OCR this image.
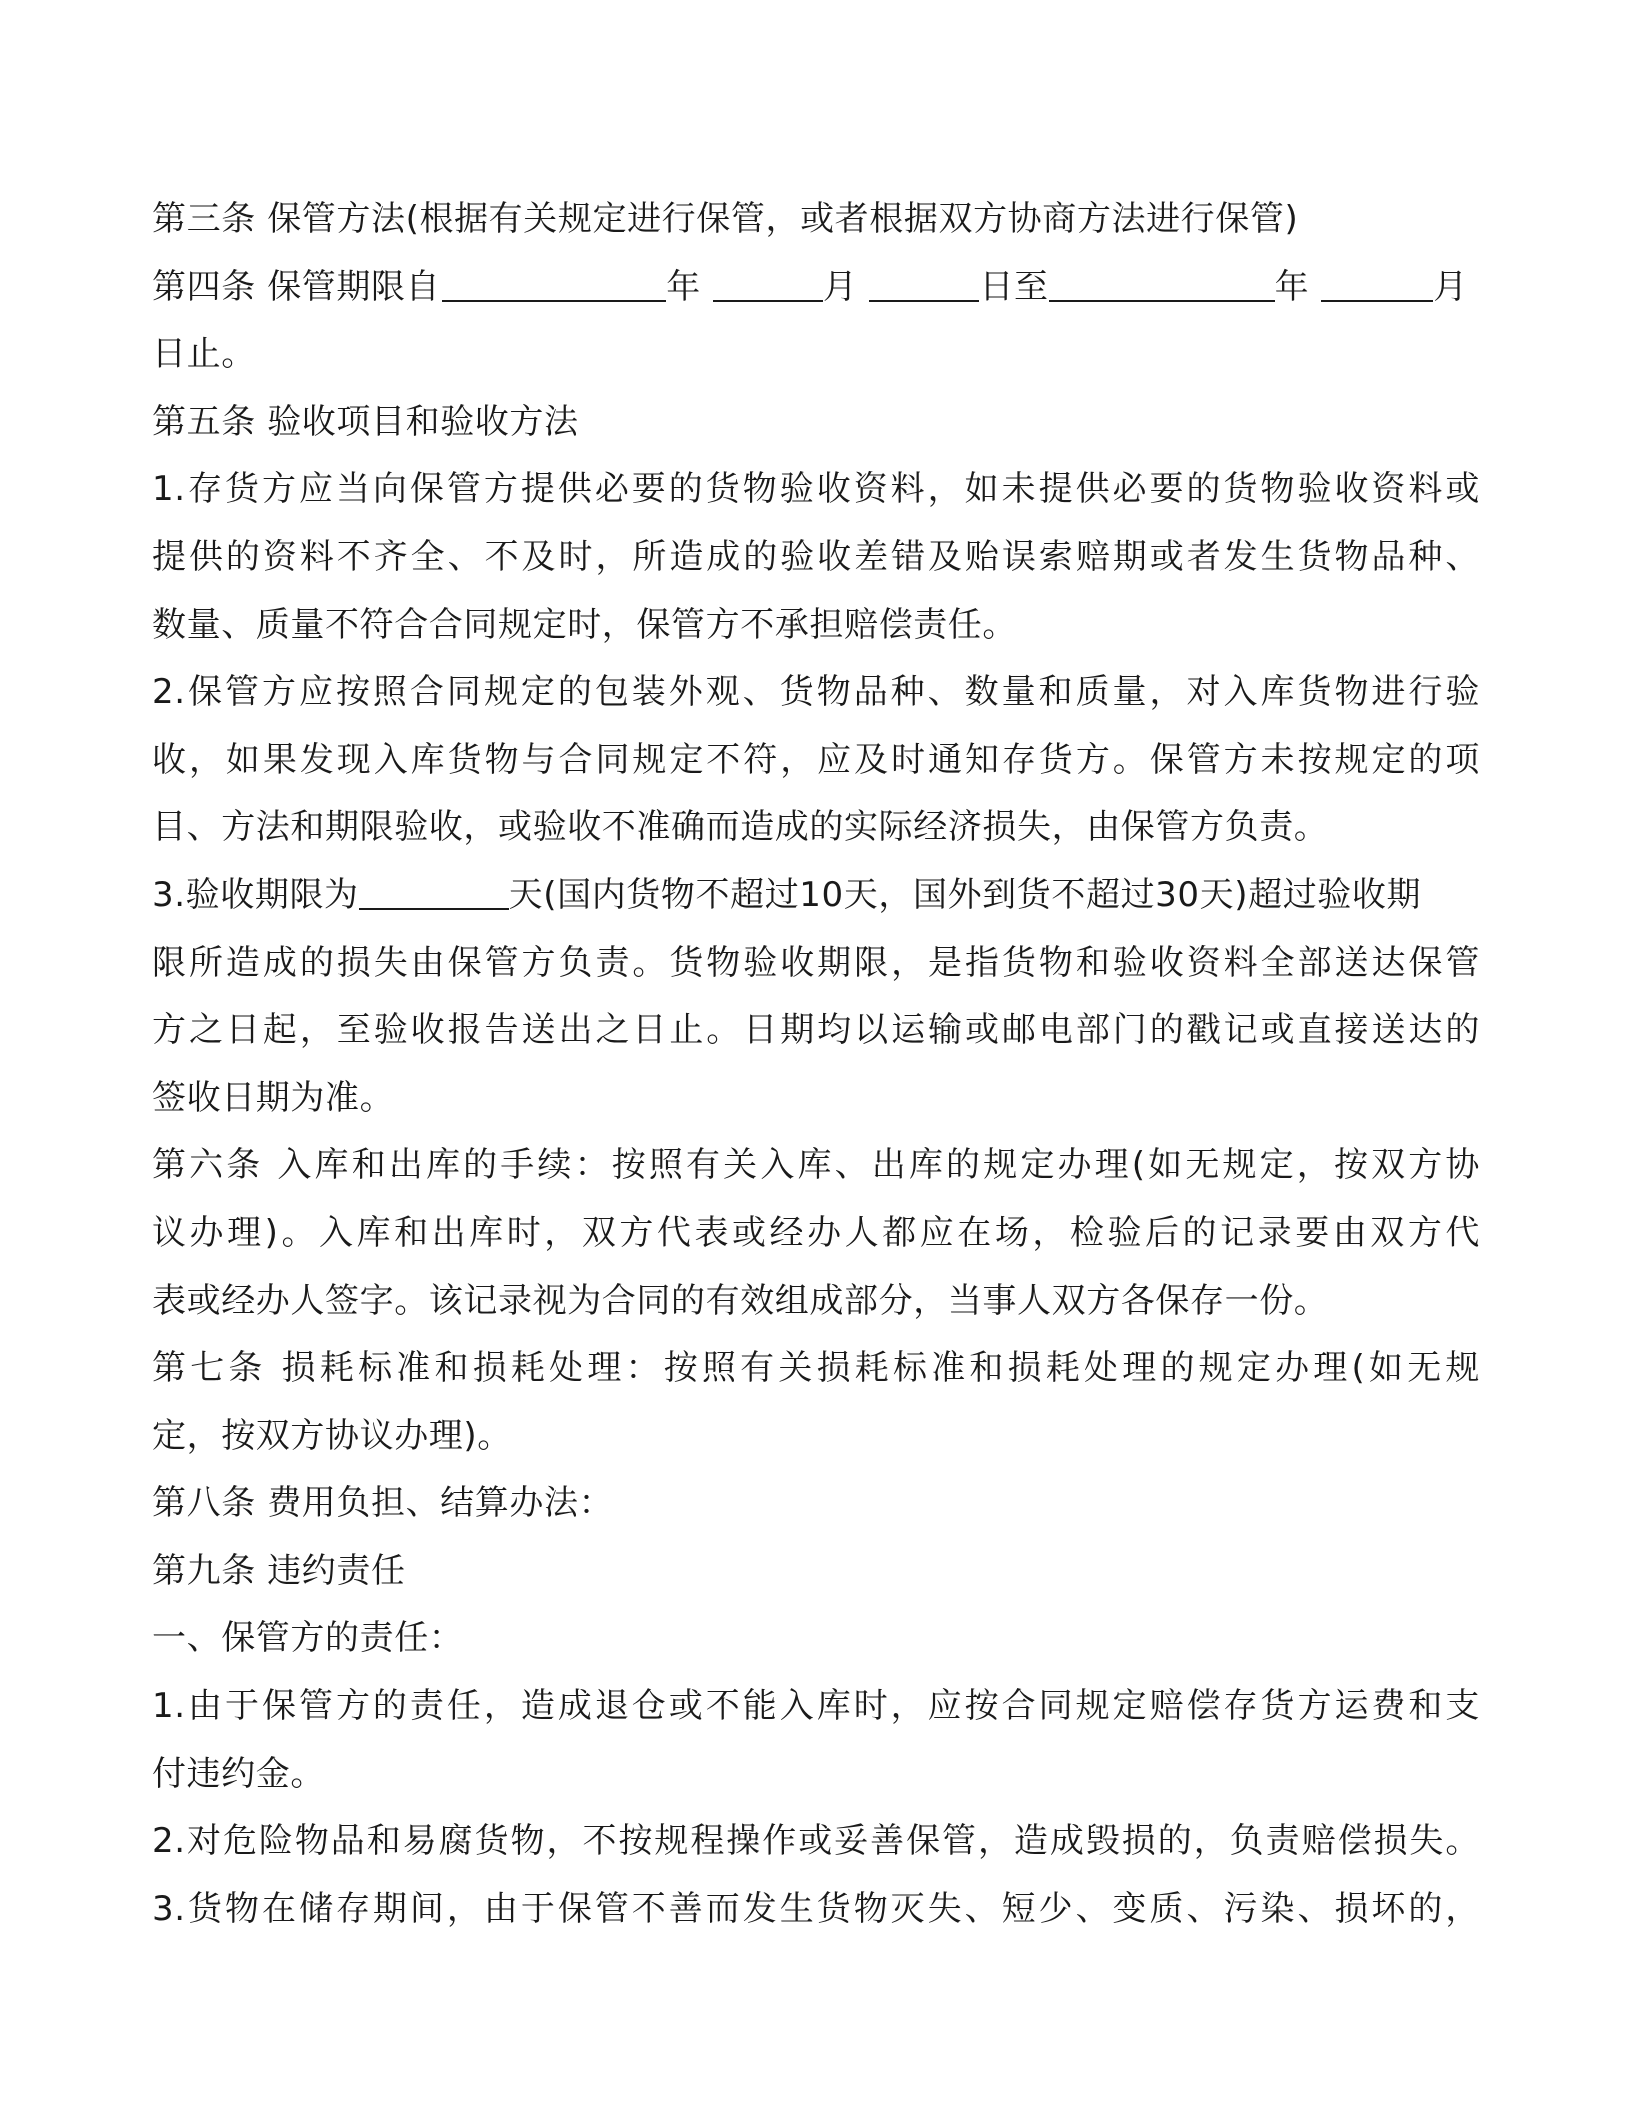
第三条 保管方法(根据有关规定进行保管，或者根据双方协商方法进行保管)
第四条 保管期限自	年	月	日至	年	月
日止。
第五条 验收项目和验收方法
1.存货方应当向保管方提供必要的货物验收资料，如未提供必要的货物验收资料或
提供的资料不齐全、不及时，所造成的验收差错及贻误索赔期或者发生货物品种、
数量、质量不符合合同规定时，保管方不承担赔偿责任。
2.保管方应按照合同规定的包装外观、货物品种、数量和质量，对入库货物进行验
收，如果发现入库货物与合同规定不符，应及时通知存货方。保管方未按规定的项
目、方法和期限验收，或验收不准确而造成的实际经济损失，由保管方负责。
3.验收期限为	天(国内货物不超过10天，国外到货不超过30天)超过验收期
限所造成的损失由保管方负责。货物验收期限，是指货物和验收资料全部送达保管
方之日起，至验收报告送出之日止。日期均以运输或邮电部门的戳记或直接送达的
签收日期为准。
第六条 入库和出库的手续：按照有关入库、出库的规定办理(如无规定，按双方协
议办理)。入库和出库时，双方代表或经办人都应在场，检验后的记录要由双方代
表或经办人签字。该记录视为合同的有效组成部分，当事人双方各保存一份。
第七条 损耗标准和损耗处理：按照有关损耗标准和损耗处理的规定办理(如无规
定，按双方协议办理)。
第八条 费用负担、结算办法：
第九条 违约责任
一、保管方的责任：
1.由于保管方的责任，造成退仓或不能入库时，应按合同规定赔偿存货方运费和支
付违约金。
2.对危险物品和易腐货物，不按规程操作或妥善保管，造成毁损的，负责赔偿损失。
3.货物在储存期间，由于保管不善而发生货物灭失、短少、变质、污染、损坏的，
